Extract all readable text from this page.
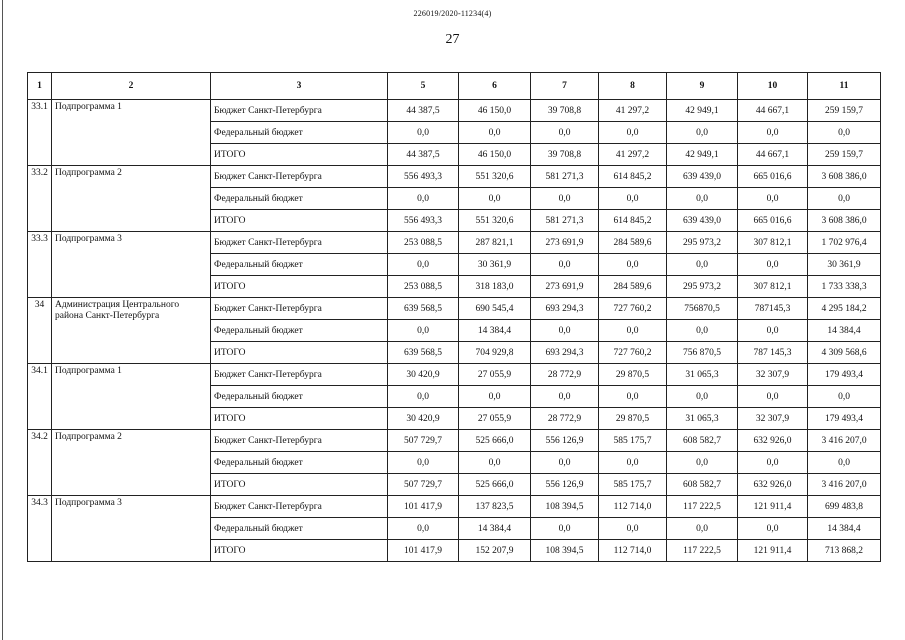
226019/2020-11234(4)
27
1	2	3	5	6	7	8	9	10	11
33.1	Подпрограмма 1	Бюджет Санкт-Петербурга	44 387,5	46 150,0	39 708,8	41 297,2	42 949,1	44 667,1	259 159,7
		Федеральный бюджет	0,0	0,0	0,0	0,0	0,0	0,0	0,0
		ИТОГО	44 387,5	46 150,0	39 708,8	41 297,2	42 949,1	44 667,1	259 159,7
33.2	Подпрограмма 2	Бюджет Санкт-Петербурга	556 493,3	551 320,6	581 271,3	614 845,2	639 439,0	665 016,6	3 608 386,0
		Федеральный бюджет	0,0	0,0	0,0	0,0	0,0	0,0	0,0
		ИТОГО	556 493,3	551 320,6	581 271,3	614 845,2	639 439,0	665 016,6	3 608 386,0
33.3	Подпрограмма 3	Бюджет Санкт-Петербурга	253 088,5	287 821,1	273 691,9	284 589,6	295 973,2	307 812,1	1 702 976,4
		Федеральный бюджет	0,0	30 361,9	0,0	0,0	0,0	0,0	30 361,9
		ИТОГО	253 088,5	318 183,0	273 691,9	284 589,6	295 973,2	307 812,1	1 733 338,3
34	Администрация Центрального района Санкт-Петербурга	Бюджет Санкт-Петербурга	639 568,5	690 545,4	693 294,3	727 760,2	756870,5	787145,3	4 295 184,2
		Федеральный бюджет	0,0	14 384,4	0,0	0,0	0,0	0,0	14 384,4
		ИТОГО	639 568,5	704 929,8	693 294,3	727 760,2	756 870,5	787 145,3	4 309 568,6
34.1	Подпрограмма 1	Бюджет Санкт-Петербурга	30 420,9	27 055,9	28 772,9	29 870,5	31 065,3	32 307,9	179 493,4
		Федеральный бюджет	0,0	0,0	0,0	0,0	0,0	0,0	0,0
		ИТОГО	30 420,9	27 055,9	28 772,9	29 870,5	31 065,3	32 307,9	179 493,4
34.2	Подпрограмма 2	Бюджет Санкт-Петербурга	507 729,7	525 666,0	556 126,9	585 175,7	608 582,7	632 926,0	3 416 207,0
		Федеральный бюджет	0,0	0,0	0,0	0,0	0,0	0,0	0,0
		ИТОГО	507 729,7	525 666,0	556 126,9	585 175,7	608 582,7	632 926,0	3 416 207,0
34.3	Подпрограмма 3	Бюджет Санкт-Петербурга	101 417,9	137 823,5	108 394,5	112 714,0	117 222,5	121 911,4	699 483,8
		Федеральный бюджет	0,0	14 384,4	0,0	0,0	0,0	0,0	14 384,4
		ИТОГО	101 417,9	152 207,9	108 394,5	112 714,0	117 222,5	121 911,4	713 868,2
